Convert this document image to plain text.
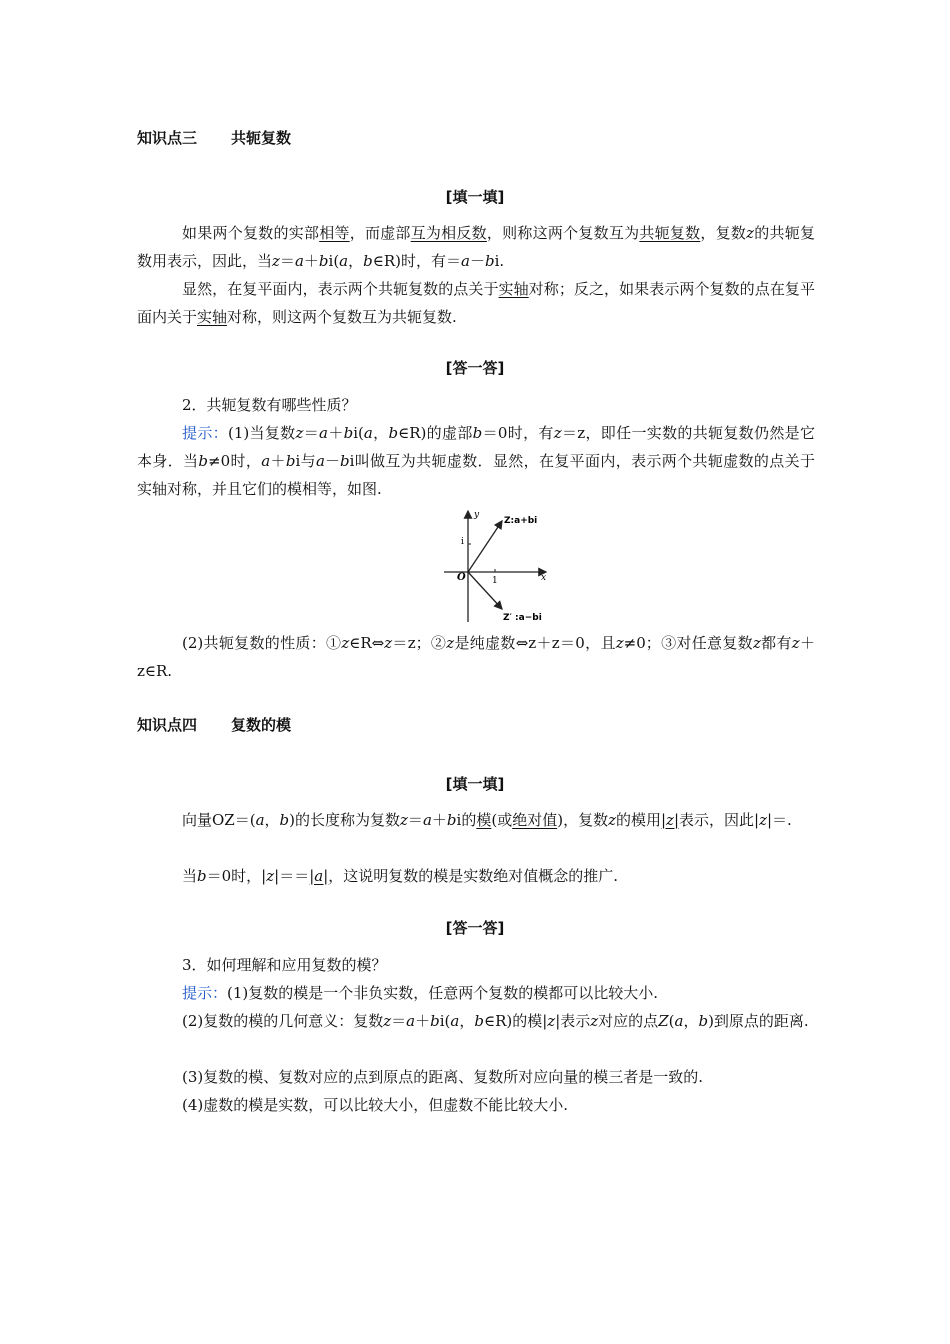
知识点三 共轭复数
[填一填]
如果两个复数的实部相等，而虚部互为相反数，则称这两个复数互为共轭复数，复数z的共轭复数用表示，因此，当z＝a＋bi(a，b∈R)时，有＝a－bi.
显然，在复平面内，表示两个共轭复数的点关于实轴对称；反之，如果表示两个复数的点在复平面内关于实轴对称，则这两个复数互为共轭复数.
[答一答]
2．共轭复数有哪些性质？
提示：(1)当复数z＝a＋bi(a，b∈R)的虚部b＝0时，有z＝z，即任一实数的共轭复数仍然是它本身．当b≠0时，a＋bi与a－bi叫做互为共轭虚数．显然，在复平面内，表示两个共轭虚数的点关于实轴对称，并且它们的模相等，如图.
y
x
i
O	1
Z:a+bi
Z′ :a−bi
(2)共轭复数的性质：①z∈R⇔z＝z；②z是纯虚数⇔z＋z＝0，且z≠0；③对任意复数z都有z＋z∈R.
知识点四 复数的模
[填一填]
向量OZ＝(a，b)的长度称为复数z＝a＋bi的模(或绝对值)，复数z的模用|z|表示，因此|z|＝.
当b＝0时，|z|＝＝|a|，这说明复数的模是实数绝对值概念的推广.
[答一答]
3．如何理解和应用复数的模？
提示：(1)复数的模是一个非负实数，任意两个复数的模都可以比较大小.
(2)复数的模的几何意义：复数z＝a＋bi(a，b∈R)的模|z|表示z对应的点Z(a，b)到原点的距离.
(3)复数的模、复数对应的点到原点的距离、复数所对应向量的模三者是一致的.
(4)虚数的模是实数，可以比较大小，但虚数不能比较大小.
